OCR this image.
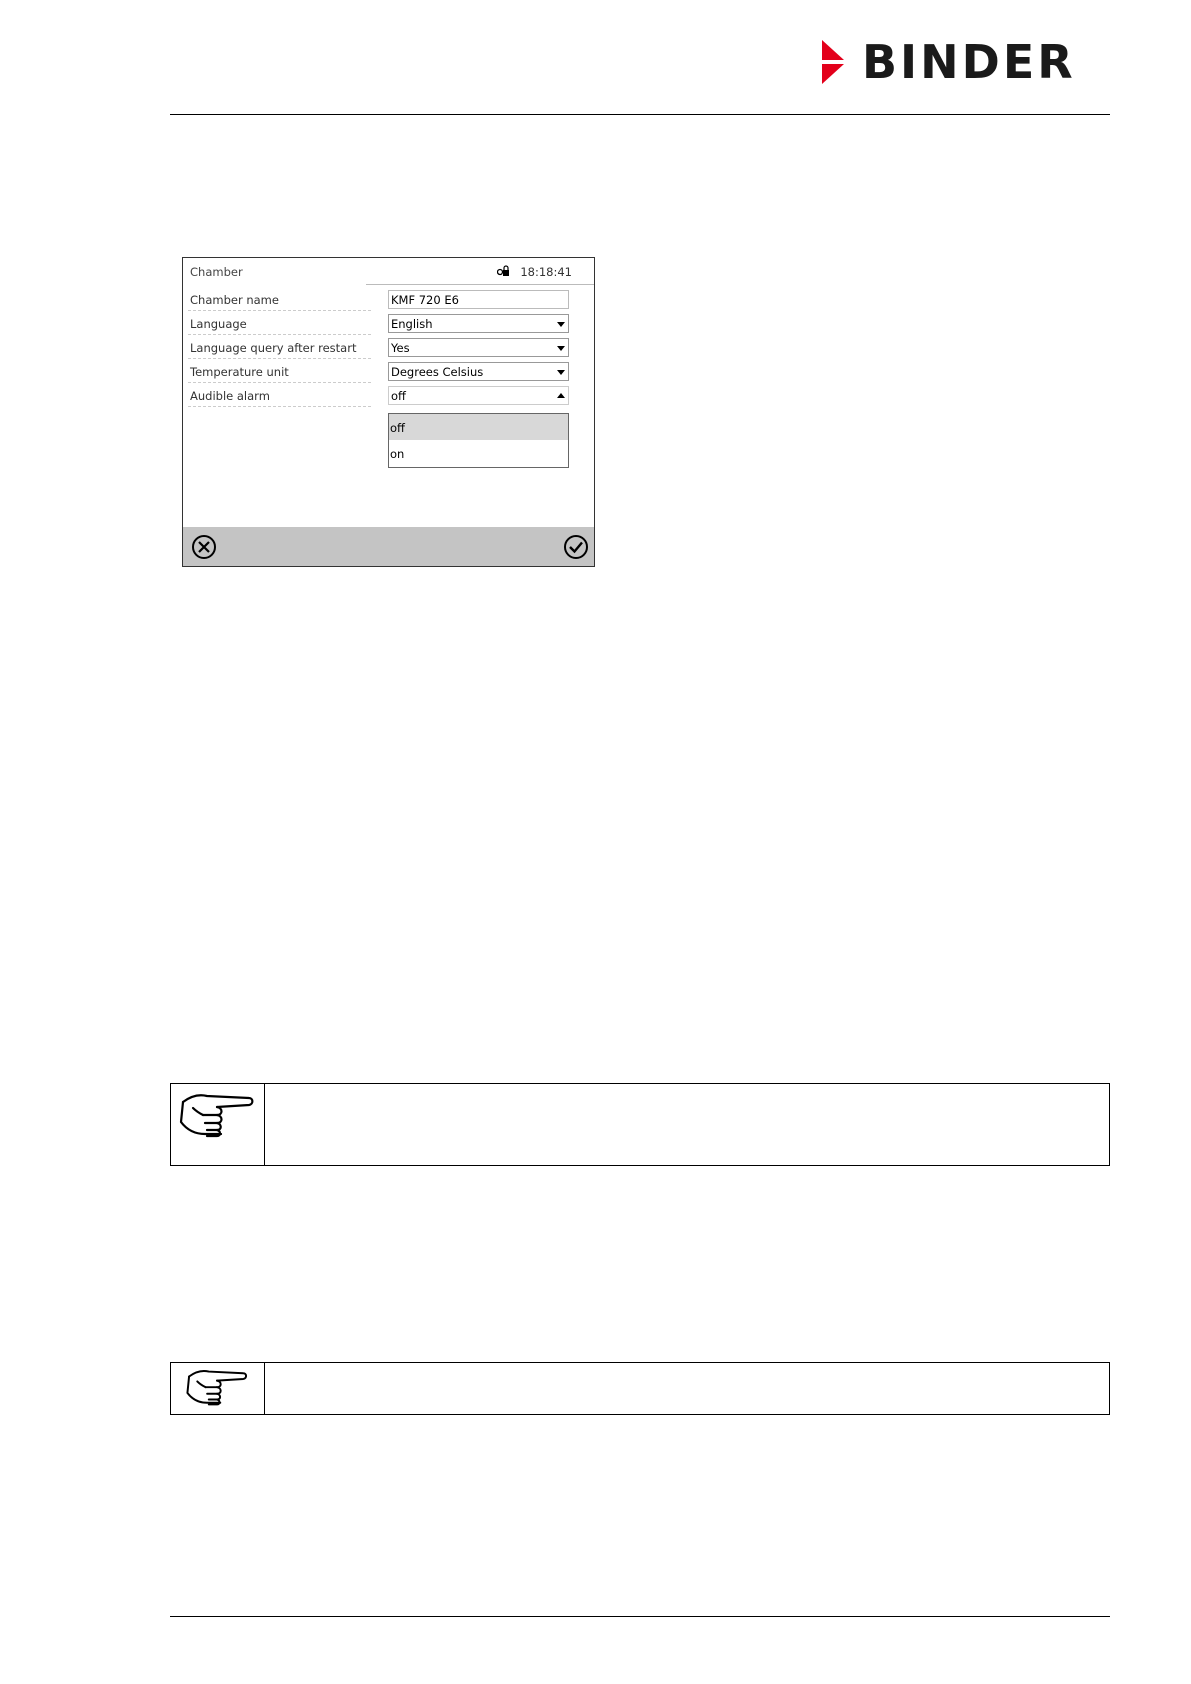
BINDER
Chamber	18:18:41
Chamber name	KMF 720 E6
Language	English
Language query after restart	Yes
Temperature unit	Degrees Celsius
Audible alarm	off
off
on
